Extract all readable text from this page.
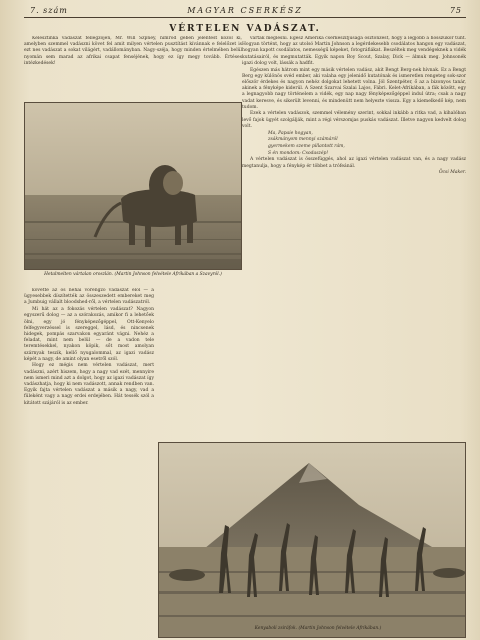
7. szám	MAGYAR CSERKÉSZ	75
VÉRTELEN VADÁSZAT.

Kelesztinka vadászat fellegzőjén, Mr. Will Szpney, nimród gében jelentést közöl ki, amelyben szemmel vadászni követ fel amit milyen vértelen pusztítást kívánnak e felelőzet is ezt nes vadászat a sokat világért, vadállományban. Nagy-széja, hogy minden értelmében belül nyomán sem marad az afrikai csapat fenséjének, hogy ez így megy tovább. Értéses intézkedések!

Hetalmelten vártalan oroszlán. (Martin Johnson felvétele Afrikában a Szavyról.)

követte az ős néhai vorengző vadászat elől — a ügyesebbek díszítették az összeszedett embereket meg a Jumbuig vállalt bloodshed-ről, a vértelen vadászatról.

Mi hát az a fokozás vértelen vadászat? Nagyon egyszerű dolog — az a szórakozás, amikor fi a lehetőek ölni, egy jó fényképezőgéppel, Ott-Kenyelo felfegyverzéssel is szereggel, lásd, és nincsenek hidegek, pompás szarvakon egyaránt vágni. Nehéz a feladat, mint nem belül — de a vadon tele teremtésekkel, nyakon köpik, sőt most amolyan szárnyak teszik, kellő nyugalommal, az igazi vadász képét a nagy, de amint olyan esetről szól.

Hogy ez mégis nem vértelen vadászat, mert vadászni, azért hiszem, hogy a nagy vad ezét, mennyire nem ismeri mind azt a dolgot, hogy az igazi vadászat így vadászhatja, hogy ki nem vadászott, annak rendben van. Egyik fajta vértelen vadászat a másik a nagy, vad a füleként vagy a nagy erdei erdejében. Hát tessék szól a kitátott szájáról is az ember.

vártak meglesni. Egész Amerika cserkészifjúsága ösztönzést, hogy a legjobb a hosszúkor tűnt. Hogyan történt, hogy az utolsó Martin Johnson a legérdekesebb csodálatos hangon egy vadászat, hogyan kapott csodálatos, nemességű képeket, fotográfiákat. Beszéltek meg vendégeknek a vidék kutatásairól, és megmutatták. Egyik napon Boy Scout, Szalay, Dick — álmuk meg. Johnsonék igazi dolog volt, lássák a hadfit.

Egészen más hátrom mint egy másik vértelen vadász, akit Bengt Berg-nek hívnak. Ez a Bengt Berg egy különös svéd ember, aki valaha egy jelenidő kutatónak és ismeretlen rengeteg sok-szor először érdekes és nagyon nehéz dolgokat lehetett volna. Jól Szentpéter, ő az a bizonyos tanár, akinek a fényképe kiderül. A Szent Szarvai Szalai Lajos, Fábri. Kelet-Afrikában, a fák között, egy a legnagyobb nagy történelem a vidék, egy nap nagy fényképezőgéppel indul útra; csak a nagy vadat keresve, és sikerült levenni, és mindenütt nem helyezte vissza. Egy a kiemelkedő kép, nem tudom.

Ezek a vértelen vadászok, szemmel vélemény szerint, sokkal inkább a ritka vad, a kihalóban levő fajok ügyét szolgálják, mint a régi vérszomjas puskás vadászat. Illetve nagyon kedvelt dolog volt.

Ma, Papaie hogyan,

zsákmányom mennyi számáról

gyermekem szeme pillantott rám,

S én mondom: Csodaszép!

A vértelen vadászat is összefüggés, ahol az igazi vértelen vadászat van, és a nagy vadász megtanulja, hogy a fénykép ér többet a trófeánál.

Öcsi Maker.

Kenyaboli zsiráfok. (Martin Johnson felvétele Afrikában.)
